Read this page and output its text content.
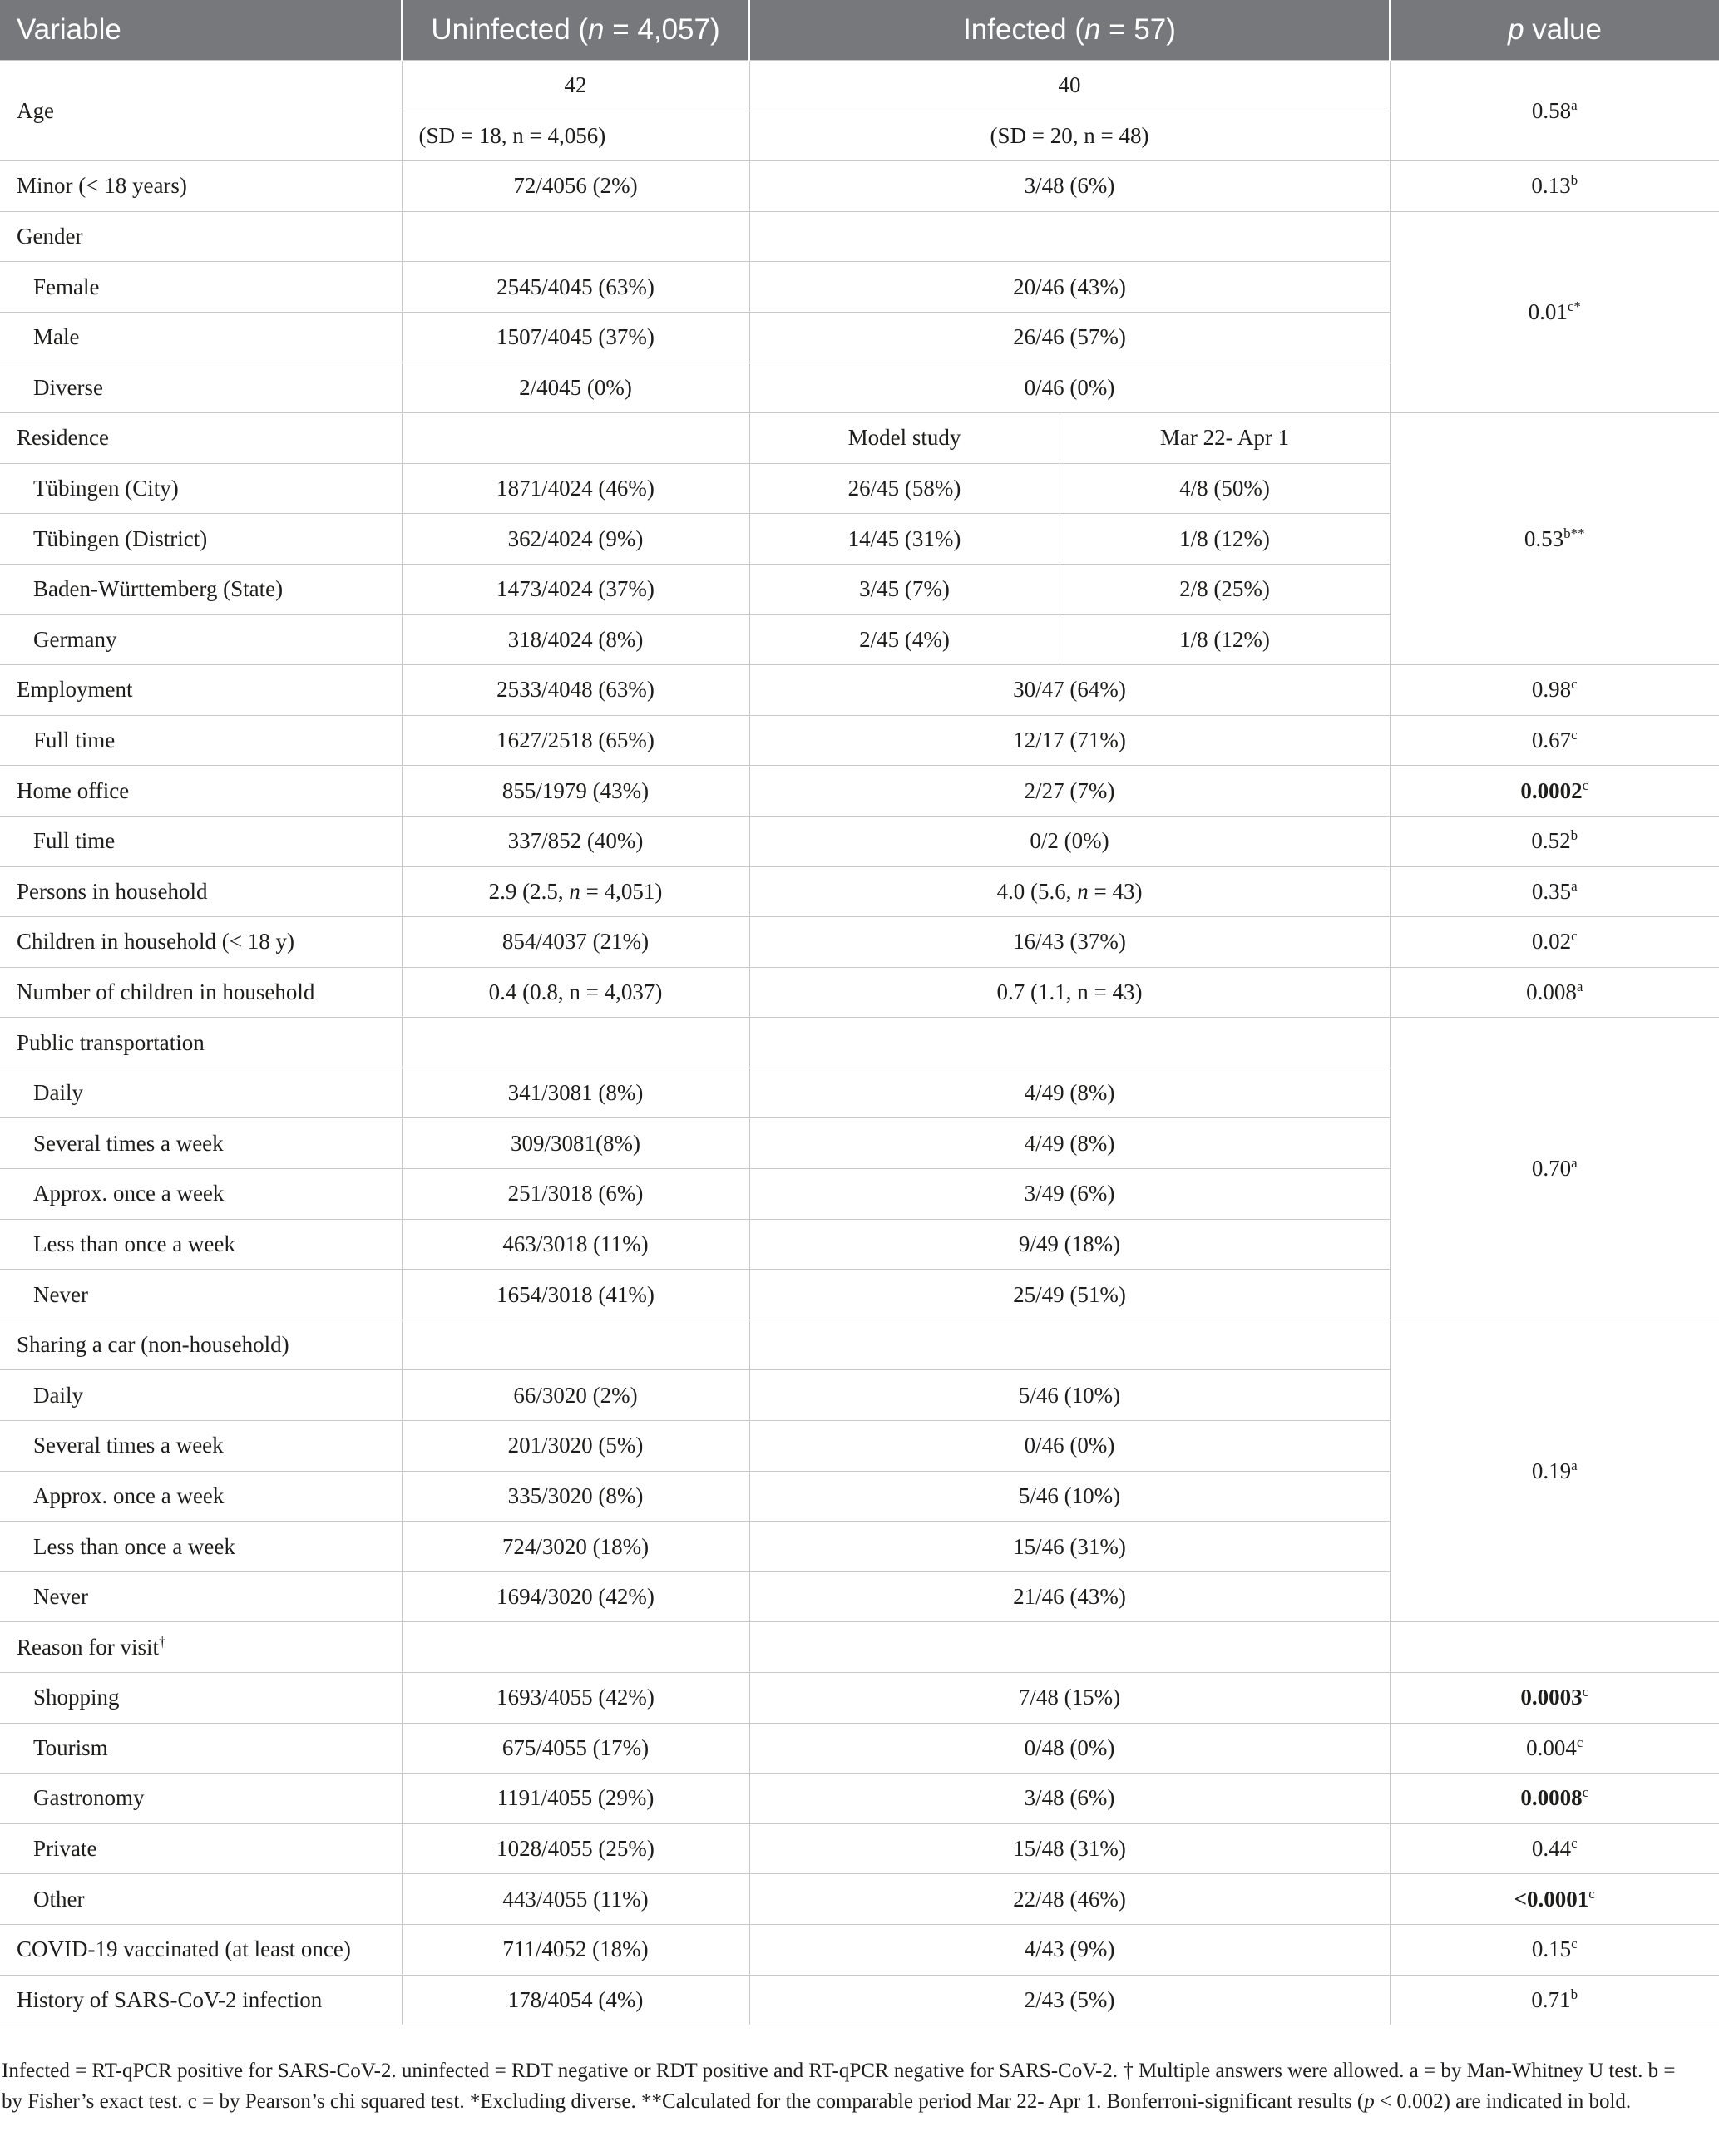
Variable	Uninfected (n = 4,057)	Infected (n = 57)		p value
Age	42	40		0.58$^a$
	(SD = 18, n = 4,056)	(SD = 20, n = 48)		
Minor (< 18 years)	72/4056 (2%)	3/48 (6%)		0.13$^b$
Gender				$0.01^{c*}$
Female	2545/4045 (63%)	20/46 (43%)		
Male	1507/4045 (37%)	26/46 (57%)		
Diverse	2/4045 (0%)	0/46 (0%)		
Residence		Model study	Mar 22- Apr 1	$0.53^{b**}$
Tübingen (City)	1871/4024 (46%)	26/45 (58%)	4/8 (50%)	
Tübingen (District)	362/4024 (9%)	14/45 (31%)	1/8 (12%)	
Baden-Württemberg (State)	1473/4024 (37%)	3/45 (7%)	2/8 (25%)	
Germany	318/4024 (8%)	2/45 (4%)	1/8 (12%)	
Employment	2533/4048 (63%)	30/47 (64%)		0.98$^c$
Full time	1627/2518 (65%)	12/17 (71%)		0.67$^c$
Home office	855/1979 (43%)	2/27 (7%)		0.0002$^c$
Full time	337/852 (40%)	0/2 (0%)		0.52$^b$
Persons in household	2.9 (2.5, n = 4,051)	4.0 (5.6, n = 43)		0.35$^a$
Children in household (< 18 y)	854/4037 (21%)	16/43 (37%)		0.02$^c$
Number of children in household	0.4 (0.8, n = 4,037)	0.7 (1.1, n = 43)		0.008$^a$
Public transportation				0.70$^a$
Daily	341/3081 (8%)	4/49 (8%)		
Several times a week	309/3081(8%)	4/49 (8%)		
Approx. once a week	251/3018 (6%)	3/49 (6%)		
Less than once a week	463/3018 (11%)	9/49 (18%)		
Never	1654/3018 (41%)	25/49 (51%)		
Sharing a car (non-household)				0.19$^a$
Daily	66/3020 (2%)	5/46 (10%)		
Several times a week	201/3020 (5%)	0/46 (0%)		
Approx. once a week	335/3020 (8%)	5/46 (10%)		
Less than once a week	724/3020 (18%)	15/46 (31%)		
Never	1694/3020 (42%)	21/46 (43%)		
Reason for visit†			
Shopping	1693/4055 (42%)	7/48 (15%)		0.0003$^c$
Tourism	675/4055 (17%)	0/48 (0%)		0.004$^c$
Gastronomy	1191/4055 (29%)	3/48 (6%)		0.0008$^c$
Private	1028/4055 (25%)	15/48 (31%)		0.44$^c$
Other	443/4055 (11%)	22/48 (46%)		<0.0001$^c$
COVID-19 vaccinated (at least once)	711/4052 (18%)	4/43 (9%)		0.15$^c$
History of SARS-CoV-2 infection	178/4054 (4%)	2/43 (5%)		0.71$^b$
Infected = RT-qPCR positive for SARS-CoV-2. uninfected = RDT negative or RDT positive and RT-qPCR negative for SARS-CoV-2. † Multiple answers were allowed. a = by Man-Whitney U test. b = by Fisher’s exact test. c = by Pearson’s chi squared test. *Excluding diverse. **Calculated for the comparable period Mar 22- Apr 1. Bonferroni-significant results (p < 0.002) are indicated in bold.
